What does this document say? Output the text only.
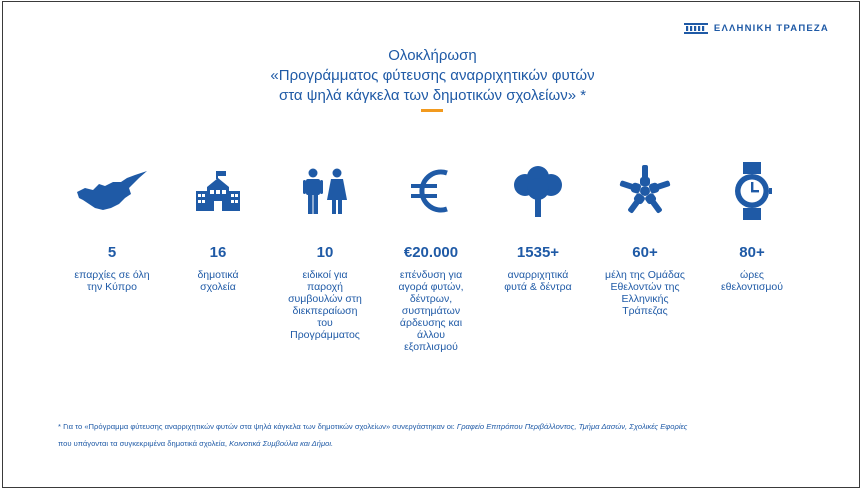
ΕΛΛΗΝΙΚΗ ΤΡΑΠΕΖΑ
Ολοκλήρωση
«Προγράμματος φύτευσης αναρριχητικών φυτών
στα ψηλά κάγκελα των δημοτικών σχολείων» *
5
επαρχίες σε όλη
την Κύπρο
16
δημοτικά
σχολεία
10
ειδικοί για
παροχή
συμβουλών στη
διεκπεραίωση
του
Προγράμματος
€20.000
επένδυση για
αγορά φυτών,
δέντρων,
συστημάτων
άρδευσης και
άλλου
εξοπλισμού
1535+
αναρριχητικά
φυτά & δέντρα
60+
μέλη της Ομάδας
Εθελοντών της
Ελληνικής
Τράπεζας
80+
ώρες
εθελοντισμού
* Για το «Πρόγραμμα φύτευσης αναρριχητικών φυτών στα ψηλά κάγκελα των δημοτικών σχολείων» συνεργάστηκαν οι: Γραφείο Επιτρόπου Περιβάλλοντος, Τμήμα Δασών, Σχολικές Εφορίες
που υπάγονται τα συγκεκριμένα δημοτικά σχολεία, Κοινοτικά Συμβούλια και Δήμοι.
